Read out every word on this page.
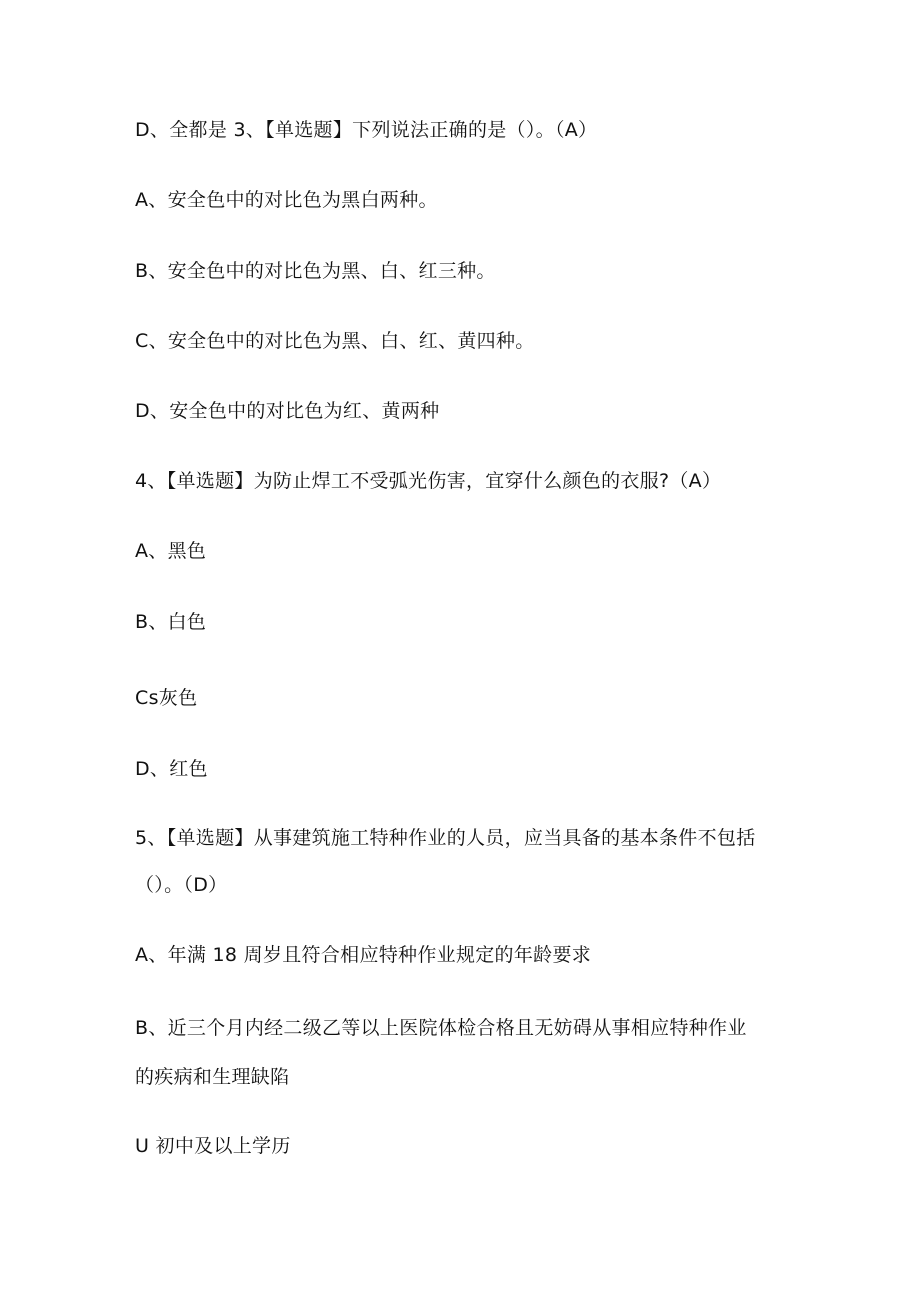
D、全都是 3、【单选题】下列说法正确的是（）。（A）
A、安全色中的对比色为黑白两种。
B、安全色中的对比色为黑、白、红三种。
C、安全色中的对比色为黑、白、红、黄四种。
D、安全色中的对比色为红、黄两种
4、【单选题】为防止焊工不受弧光伤害，宜穿什么颜色的衣服?（A）
A、黑色
B、白色
Cs灰色
D、红色
5、【单选题】从事建筑施工特种作业的人员，应当具备的基本条件不包括
（）。（D）
A、年满 18 周岁且符合相应特种作业规定的年龄要求
B、近三个月内经二级乙等以上医院体检合格且无妨碍从事相应特种作业
的疾病和生理缺陷
U 初中及以上学历
